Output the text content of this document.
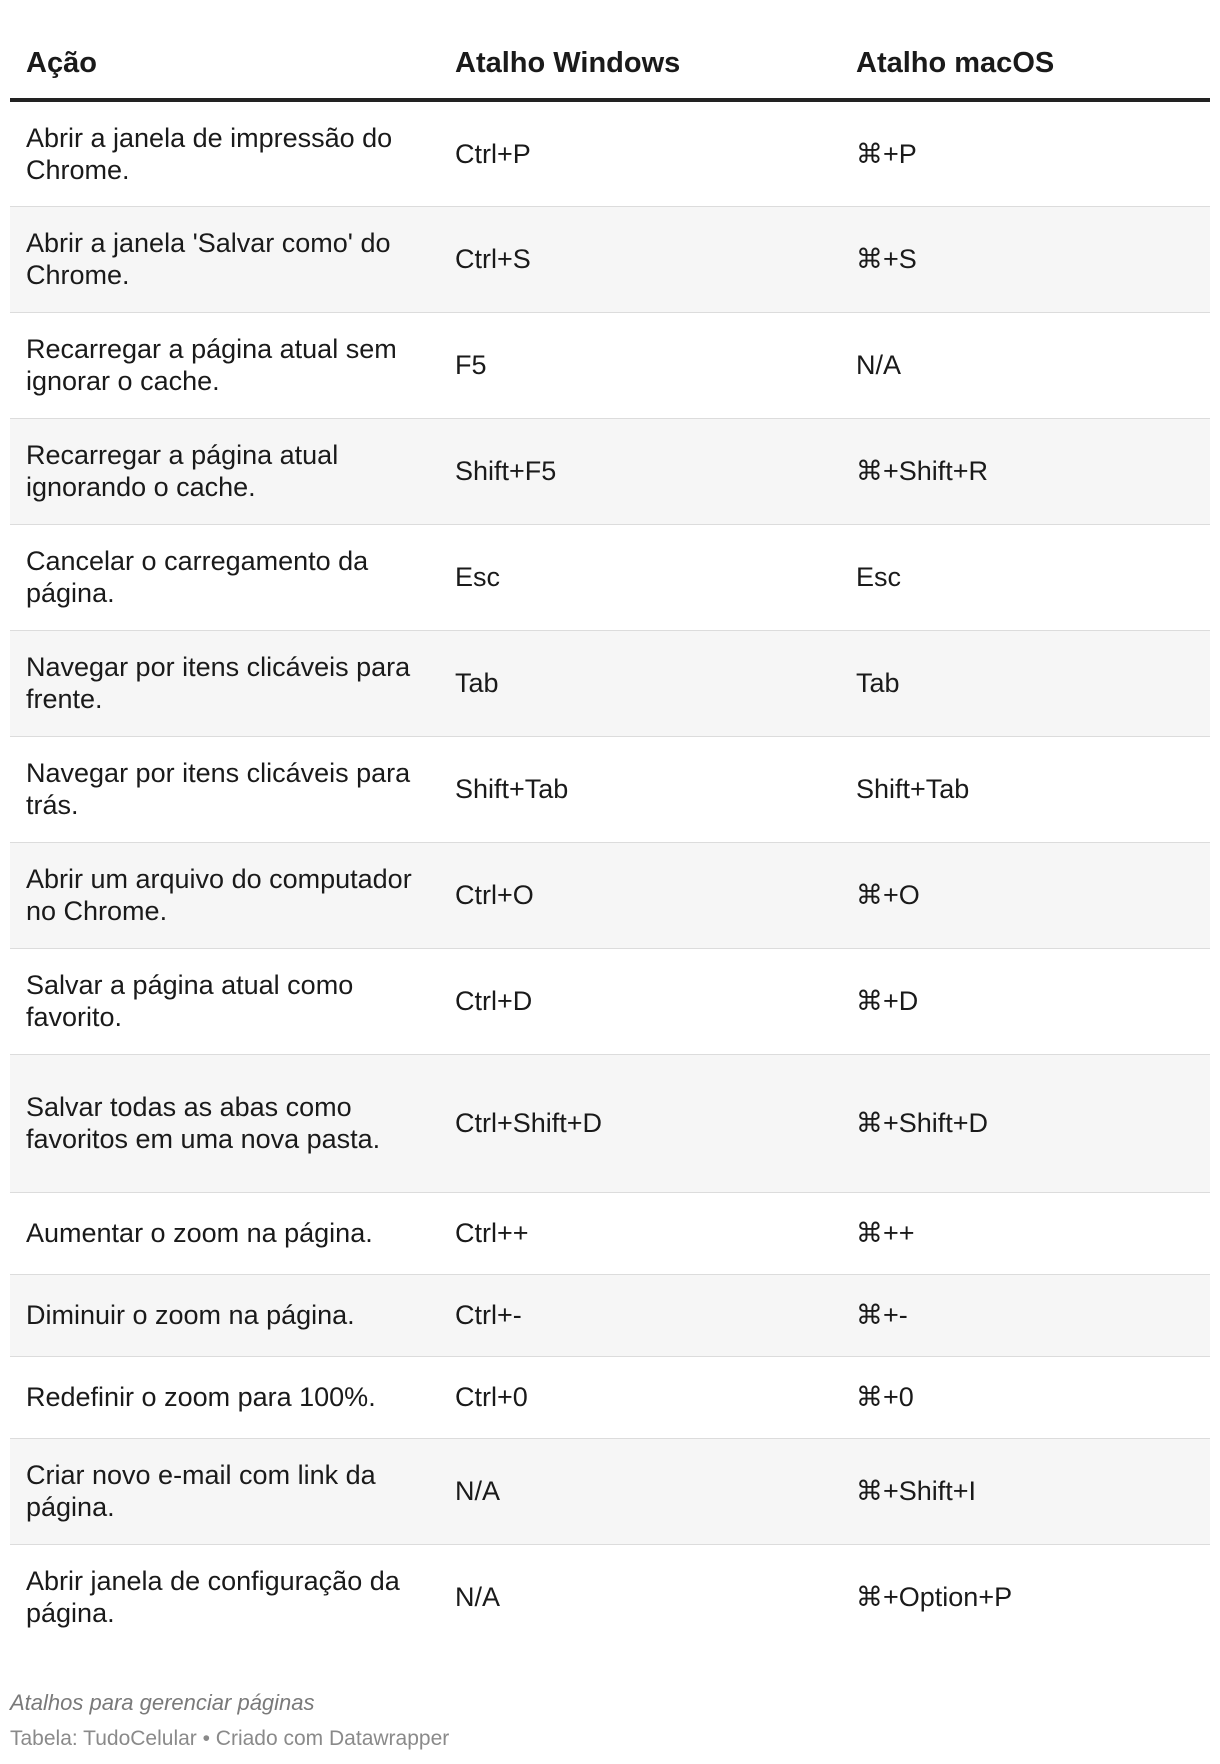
Ação	Atalho Windows	Atalho macOS
Abrir a janela de impressão do Chrome.	Ctrl+P	⌘+P
Abrir a janela 'Salvar como' do Chrome.	Ctrl+S	⌘+S
Recarregar a página atual sem ignorar o cache.	F5	N/A
Recarregar a página atual ignorando o cache.	Shift+F5	⌘+Shift+R
Cancelar o carregamento da página.	Esc	Esc
Navegar por itens clicáveis para frente.	Tab	Tab
Navegar por itens clicáveis para trás.	Shift+Tab	Shift+Tab
Abrir um arquivo do computador no Chrome.	Ctrl+O	⌘+O
Salvar a página atual como favorito.	Ctrl+D	⌘+D
Salvar todas as abas como favoritos em uma nova pasta.	Ctrl+Shift+D	⌘+Shift+D
Aumentar o zoom na página.	Ctrl++	⌘++
Diminuir o zoom na página.	Ctrl+-	⌘+-
Redefinir o zoom para 100%.	Ctrl+0	⌘+0
Criar novo e-mail com link da página.	N/A	⌘+Shift+I
Abrir janela de configuração da página.	N/A	⌘+Option+P
Atalhos para gerenciar páginas
Tabela: TudoCelular • Criado com Datawrapper
